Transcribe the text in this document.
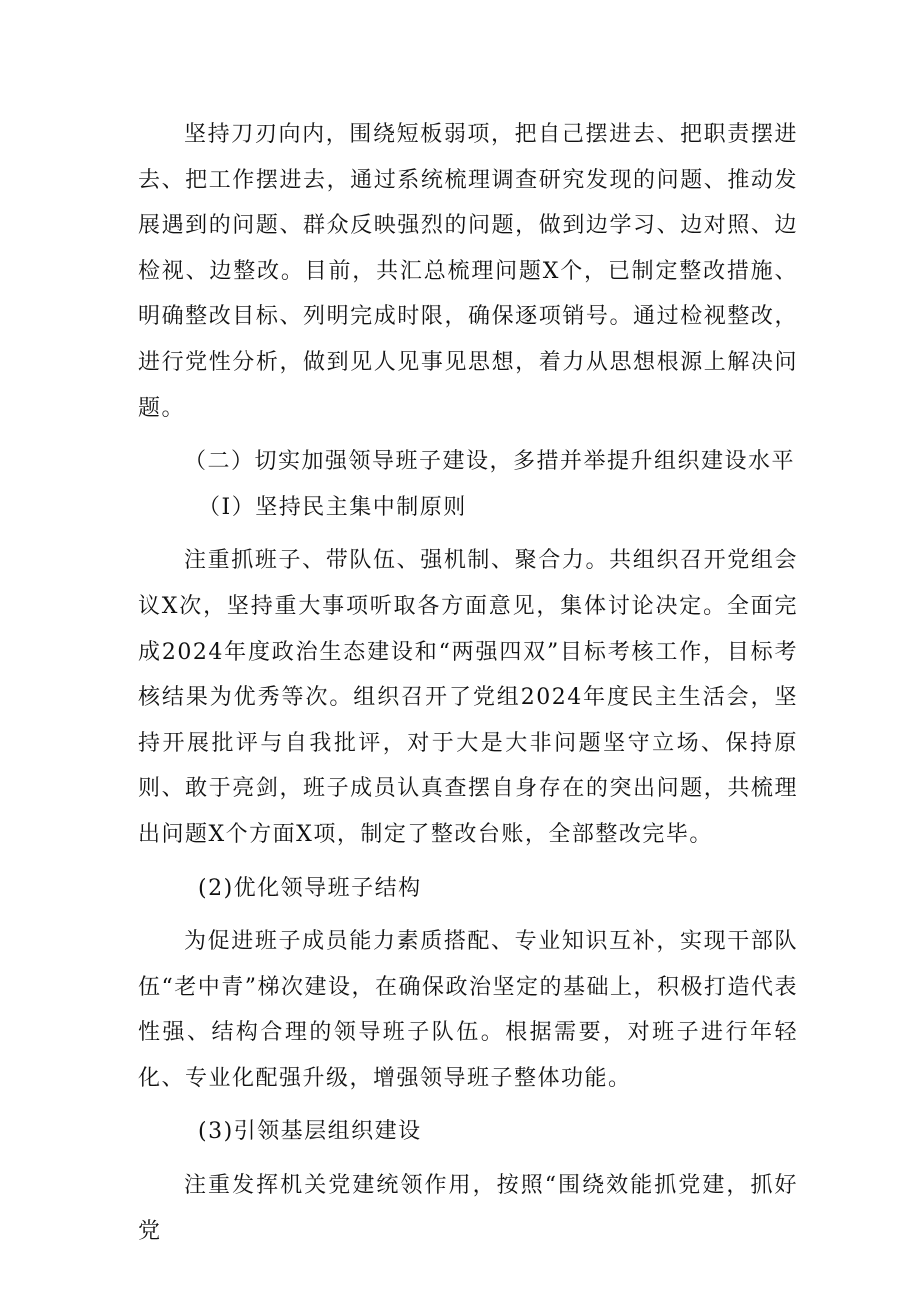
坚持刀刃向内，围绕短板弱项，把自己摆进去、把职责摆进去、把工作摆进去，通过系统梳理调查研究发现的问题、推动发展遇到的问题、群众反映强烈的问题，做到边学习、边对照、边检视、边整改。目前，共汇总梳理问题X个，已制定整改措施、明确整改目标、列明完成时限，确保逐项销号。通过检视整改，进行党性分析，做到见人见事见思想，着力从思想根源上解决问题。

（二）切实加强领导班子建设，多措并举提升组织建设水平

（I）坚持民主集中制原则

注重抓班子、带队伍、强机制、聚合力。共组织召开党组会议X次，坚持重大事项听取各方面意见，集体讨论决定。全面完成2024年度政治生态建设和“两强四双”目标考核工作，目标考核结果为优秀等次。组织召开了党组2024年度民主生活会，坚持开展批评与自我批评，对于大是大非问题坚守立场、保持原则、敢于亮剑，班子成员认真查摆自身存在的突出问题，共梳理出问题X个方面X项，制定了整改台账，全部整改完毕。

(2)优化领导班子结构

为促进班子成员能力素质搭配、专业知识互补，实现干部队伍“老中青”梯次建设，在确保政治坚定的基础上，积极打造代表性强、结构合理的领导班子队伍。根据需要，对班子进行年轻化、专业化配强升级，增强领导班子整体功能。

(3)引领基层组织建设

注重发挥机关党建统领作用，按照“围绕效能抓党建，抓好党
